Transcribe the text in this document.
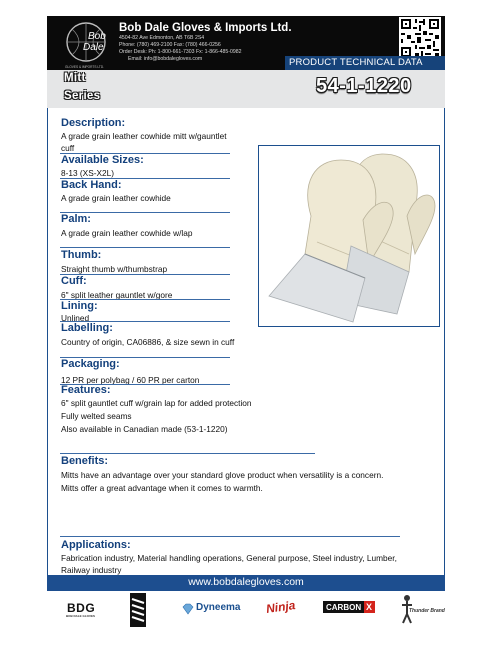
Bob
Dale
GLOVES & IMPORTS LTD.
Bob Dale Gloves & Imports Ltd.
4504-82 Ave Edmonton, AB T6B 2S4
Phone: (780) 469-2100 Fax: (780) 466-0256
Order Desk: Ph: 1-800-661-7303 Fx: 1-866-485-0982
Email: info@bobdalegloves.com	PRODUCT TECHNICAL DATA
Mitt
Series	54-1-1220
Description:
A grade grain leather cowhide mitt w/gauntlet
cuff
Available Sizes:
8-13 (XS-X2L)
Back Hand:
A grade grain leather cowhide
Palm:
A grade grain leather cowhide w/lap
Thumb:
Straight thumb w/thumbstrap
Cuff:
6" split leather gauntlet w/gore
Lining:
Unlined
Labelling:
Country of origin, CA06886, & size sewn in cuff
Packaging:
12 PR per polybag / 60 PR per carton
Features:
6" split gauntlet cuff w/grain lap for added protection
Fully welted seams
Also available in Canadian made (53-1-1220)
Benefits:
Mitts have an advantage over your standard glove product when versatility is a concern.
Mitts offer a great advantage when it comes to warmth.
Applications:
Fabrication industry, Material handling operations, General purpose, Steel industry, Lumber,
Railway industry
www.bobdalegloves.com
BDG
BOB DALE GLOVES
Dyneema Ninja	CARBON X	Thunder Brand
